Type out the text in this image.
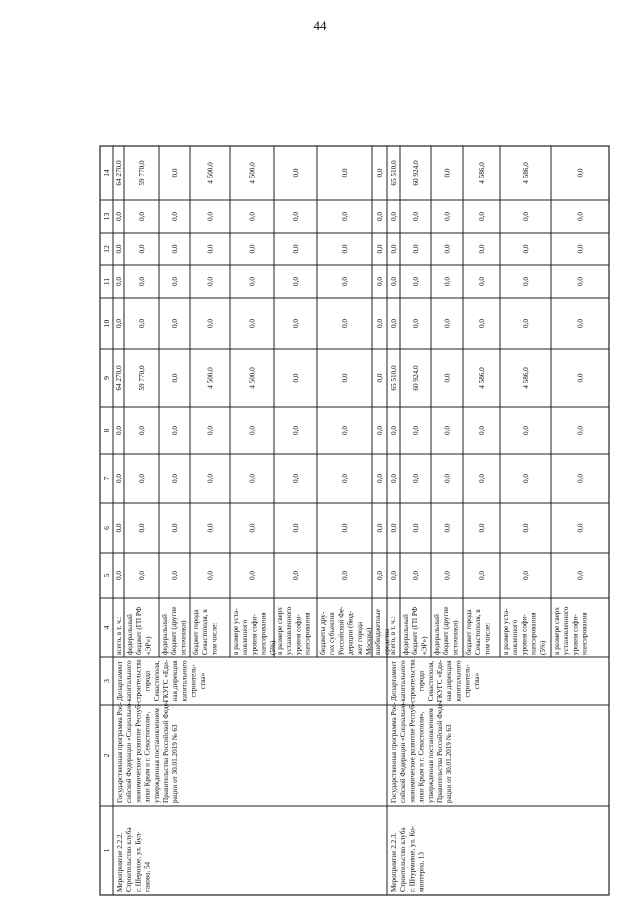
44
1
2
3
4
5
6
7
8
9
10
11
12
13
14
Мероприятие 2.2.2. Строительство клуба г. Шерохое, ул. Бул- гакова, 54
Государственная программа Рос- сийской Федерации «Социально- экономическое развитие Респуб- лики Крым и г. Севастополя», утвержденная постановлением Правительства Российской Феде- рации от 30.01.2019 № 63
Департамент капитального строительства города Севастополя, ГКУГС «Еди- ная дирекция капитального строитель- ства»
всего, в т. ч.:
0,0
0,0
0,0
0,0
64 270,0
0,0
0,0
0,0
0,0
64 270,0
федеральный бюджет (ГП РФ «ЭР»)
0,0
0,0
0,0
0,0
59 770,0
0,0
0,0
0,0
0,0
59 770,0
федеральный бюджет (другие источники)
0,0
0,0
0,0
0,0
0,0
0,0
0,0
0,0
0,0
0,0
бюджет города Севастополя, в том числе:
0,0
0,0
0,0
0,0
4 500,0
0,0
0,0
0,0
0,0
4 500,0
в размере уста- новленного уровня софи- нансирования (5%)
0,0
0,0
0,0
0,0
4 500,0
0,0
0,0
0,0
0,0
4 500,0
в размере сверх установленного уровня софи- нансирования
0,0
0,0
0,0
0,0
0,0
0,0
0,0
0,0
0,0
0,0
бюджеты дру- гих субъектов Российской Фе- дерации (бюд- жет города Москвы)
0,0
0,0
0,0
0,0
0,0
0,0
0,0
0,0
0,0
0,0
внебюджетные средства
0,0
0,0
0,0
0,0
0,0
0,0
0,0
0,0
0,0
0,0
Мероприятие 2.2.3. Строительство клуба г. Штурмовое, ул. Ко- минтерна, 13
Государственная программа Рос- сийской Федерации «Социально- экономическое развитие Респуб- лики Крым и г. Севастополя», утвержденная постановлением Правительства Российской Феде- рации от 30.01.2019 № 63
Департамент капитального строительства города Севастополя, ГКУГС «Еди- ная дирекция капитального строитель- ства»
всего, в т. ч.:
0,0
0,0
0,0
0,0
65 510,0
0,0
0,0
0,0
0,0
65 510,0
федеральный бюджет (ГП РФ «ЭР»)
0,0
0,0
0,0
0,0
60 924,0
0,0
0,0
0,0
0,0
60 924,0
федеральный бюджет (другие источники)
0,0
0,0
0,0
0,0
0,0
0,0
0,0
0,0
0,0
0,0
бюджет города Севастополя, в том числе:
0,0
0,0
0,0
0,0
4 586,0
0,0
0,0
0,0
0,0
4 586,0
в размере уста- новленного уровня софи- нансирования (5%)
0,0
0,0
0,0
0,0
4 586,0
0,0
0,0
0,0
0,0
4 586,0
в размере сверх установленного уровня софи- нансирования
0,0
0,0
0,0
0,0
0,0
0,0
0,0
0,0
0,0
0,0
